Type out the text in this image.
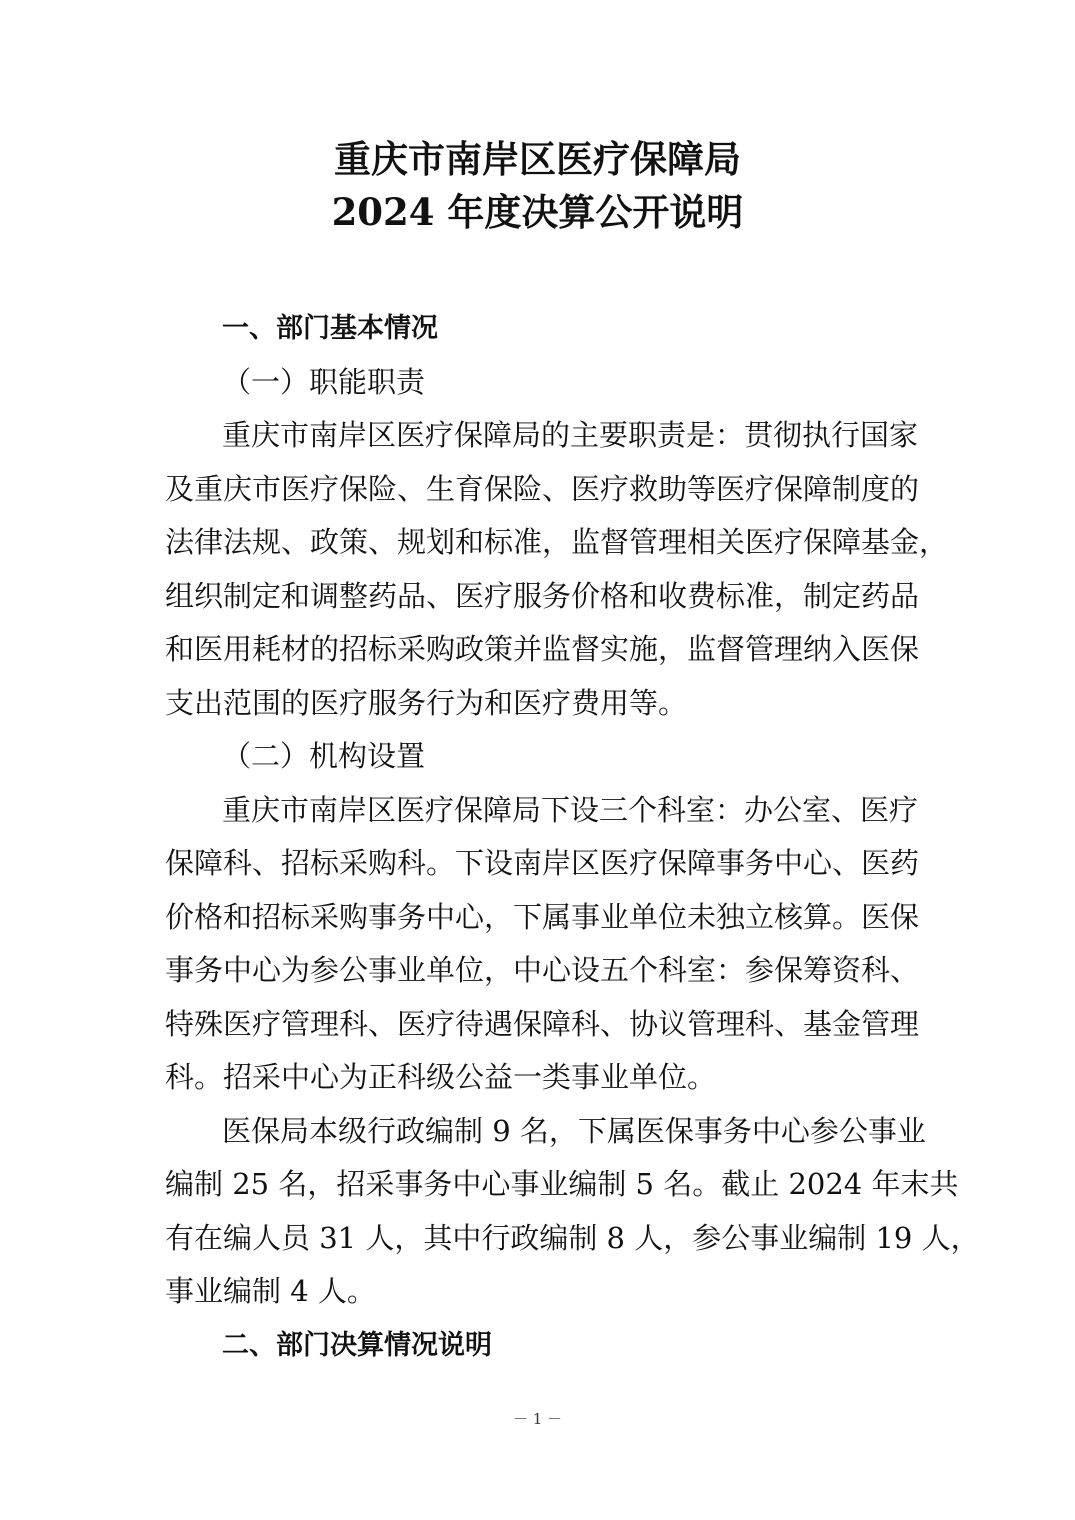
重庆市南岸区医疗保障局
2024 年度决算公开说明
一、部门基本情况
（一）职能职责
重庆市南岸区医疗保障局的主要职责是：贯彻执行国家
及重庆市医疗保险、生育保险、医疗救助等医疗保障制度的
法律法规、政策、规划和标准，监督管理相关医疗保障基金，
组织制定和调整药品、医疗服务价格和收费标准，制定药品
和医用耗材的招标采购政策并监督实施，监督管理纳入医保
支出范围的医疗服务行为和医疗费用等。
（二）机构设置
重庆市南岸区医疗保障局下设三个科室：办公室、医疗
保障科、招标采购科。下设南岸区医疗保障事务中心、医药
价格和招标采购事务中心，下属事业单位未独立核算。医保
事务中心为参公事业单位，中心设五个科室：参保筹资科、
特殊医疗管理科、医疗待遇保障科、协议管理科、基金管理
科。招采中心为正科级公益一类事业单位。
医保局本级行政编制 9 名，下属医保事务中心参公事业
编制 25 名，招采事务中心事业编制 5 名。截止 2024 年末共
有在编人员 31 人，其中行政编制 8 人，参公事业编制 19 人，
事业编制 4 人。
二、部门决算情况说明
－ 1 －
